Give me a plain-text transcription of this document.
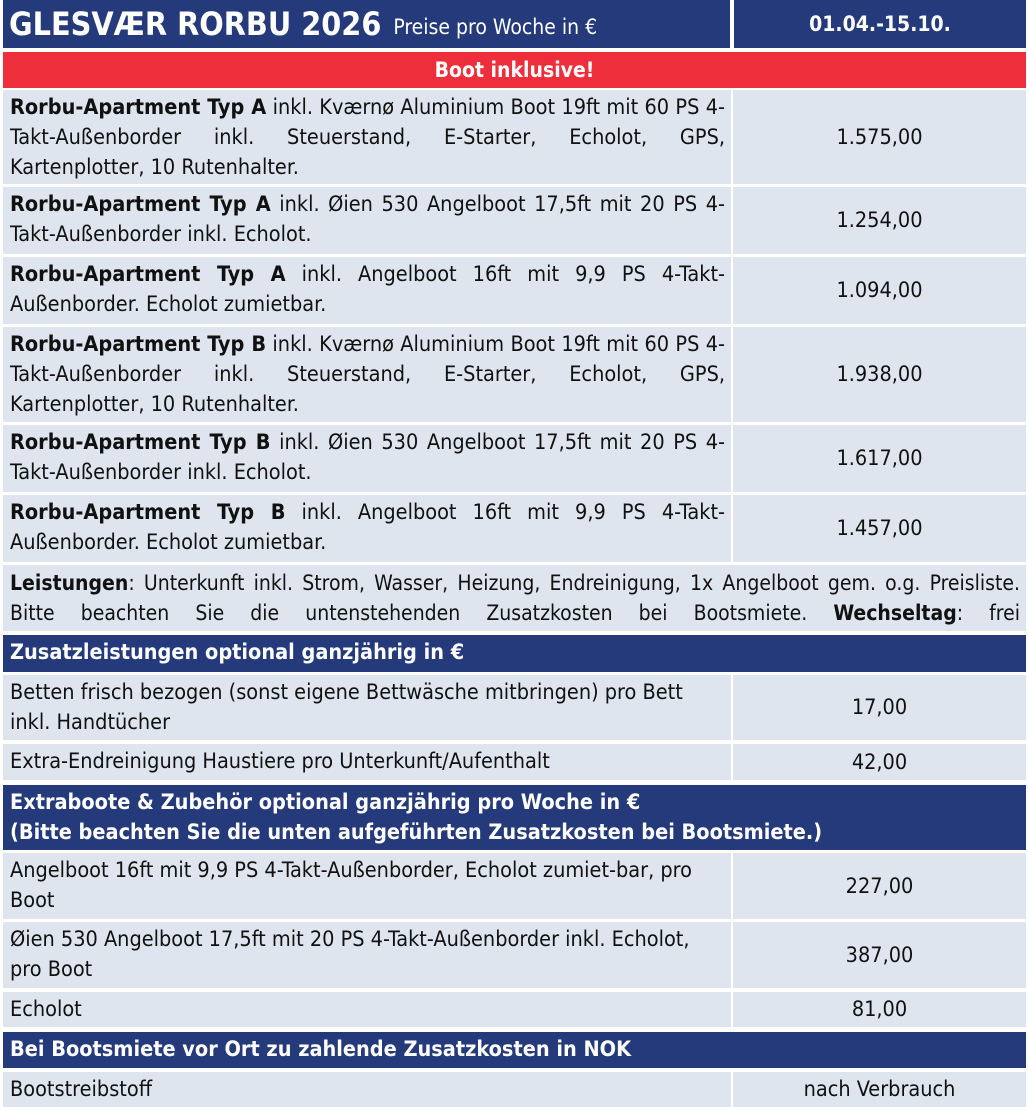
GLESVÆR RORBU 2026 Preise pro Woche in €	01.04.-15.10.
Boot inklusive!
Rorbu-Apartment Typ A inkl. Kværnø Aluminium Boot 19ft mit 60 PS 4-Takt-Außenborder inkl. Steuerstand, E-Starter, Echolot, GPS, Kartenplotter, 10 Rutenhalter.
1.575,00
Rorbu-Apartment Typ A inkl. Øien 530 Angelboot 17,5ft mit 20 PS 4-Takt-Außenborder inkl. Echolot.
1.254,00
Rorbu-Apartment Typ A inkl. Angelboot 16ft mit 9,9 PS 4-Takt-Außenborder. Echolot zumietbar.
1.094,00
Rorbu-Apartment Typ B inkl. Kværnø Aluminium Boot 19ft mit 60 PS 4-Takt-Außenborder inkl. Steuerstand, E-Starter, Echolot, GPS, Kartenplotter, 10 Rutenhalter.
1.938,00
Rorbu-Apartment Typ B inkl. Øien 530 Angelboot 17,5ft mit 20 PS 4-Takt-Außenborder inkl. Echolot.
1.617,00
Rorbu-Apartment Typ B inkl. Angelboot 16ft mit 9,9 PS 4-Takt-Außenborder. Echolot zumietbar.
1.457,00
Leistungen: Unterkunft inkl. Strom, Wasser, Heizung, Endreinigung, 1x Angelboot gem. o.g. Preisliste. Bitte beachten Sie die untenstehenden Zusatzkosten bei Bootsmiete. Wechseltag: frei
Zusatzleistungen optional ganzjährig in €
Betten frisch bezogen (sonst eigene Bettwäsche mitbringen) pro Bett inkl. Handtücher
17,00
Extra-Endreinigung Haustiere pro Unterkunft/Aufenthalt	42,00
Extraboote & Zubehör optional ganzjährig pro Woche in €
(Bitte beachten Sie die unten aufgeführten Zusatzkosten bei Bootsmiete.)
Angelboot 16ft mit 9,9 PS 4-Takt-Außenborder, Echolot zumiet-bar, pro Boot
227,00
Øien 530 Angelboot 17,5ft mit 20 PS 4-Takt-Außenborder inkl. Echolot, pro Boot
387,00
Echolot	81,00
Bei Bootsmiete vor Ort zu zahlende Zusatzkosten in NOK
Bootstreibstoff	nach Verbrauch
